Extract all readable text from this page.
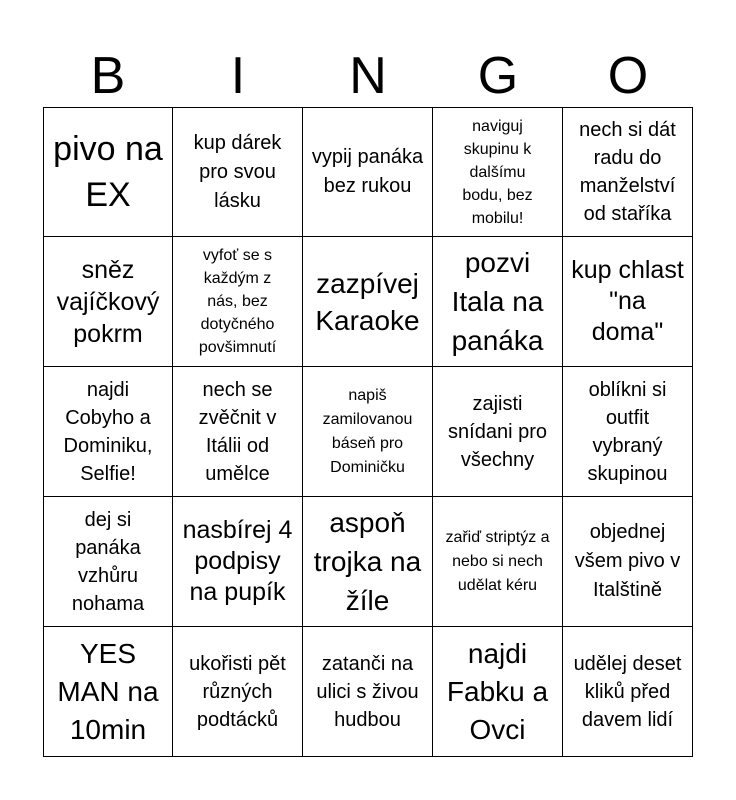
B	I	N	G	O
pivo na EX
kup dárek pro svou lásku
vypij panáka bez rukou
naviguj skupinu k dalšímu bodu, bez mobilu!
nech si dát radu do manželství od staříka
sněz vajíčkový pokrm
vyfoť se s každým z nás, bez dotyčného povšimnutí
zazpívej Karaoke
pozvi Itala na panáka
kup chlast "na doma"
najdi Cobyho a Dominiku, Selfie!
nech se zvěčnit v Itálii od umělce
napiš zamilovanou báseň pro Dominičku
zajisti snídani pro všechny
oblíkni si outfit vybraný skupinou
dej si panáka vzhůru nohama
nasbírej 4 podpisy na pupík
aspoň trojka na žíle
zařiď striptýz a nebo si nech udělat kéru
objednej všem pivo v Italštině
YES MAN na 10min
ukořisti pět různých podtácků
zatanči na ulici s živou hudbou
najdi Fabku a Ovci
udělej deset kliků před davem lidí
